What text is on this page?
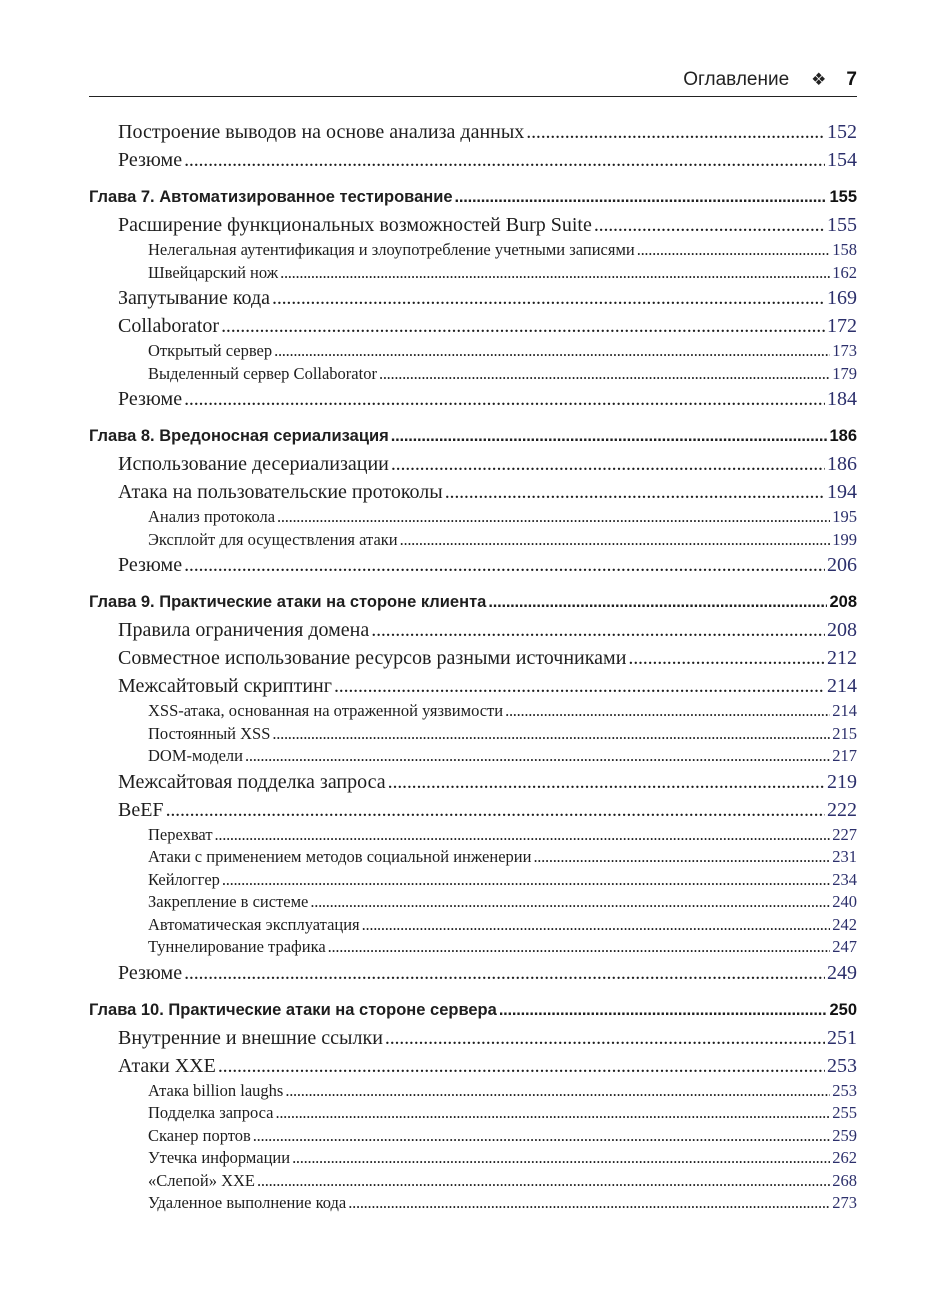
Оглавление ❖ 7
Построение выводов на основе анализа данных . . .	152
Резюме . . .	154
Глава 7. Автоматизированное тестирование . . .	155
Расширение функциональных возможностей Burp Suite . . .	155
Нелегальная аутентификация и злоупотребление учетными записями . . .	158
Швейцарский нож . . .	162
Запутывание кода . . .	169
Collaborator . . .	172
Открытый сервер . . .	173
Выделенный сервер Collaborator . . .	179
Резюме . . .	184
Глава 8. Вредоносная сериализация . . .	186
Использование десериализации . . .	186
Атака на пользовательские протоколы . . .	194
Анализ протокола . . .	195
Эксплойт для осуществления атаки . . .	199
Резюме . . .	206
Глава 9. Практические атаки на стороне клиента . . .	208
Правила ограничения домена . . .	208
Совместное использование ресурсов разными источниками . . .	212
Межсайтовый скриптинг . . .	214
XSS-атака, основанная на отраженной уязвимости . . .	214
Постоянный XSS . . .	215
DOM-модели . . .	217
Межсайтовая подделка запроса . . .	219
BeEF . . .	222
Перехват . . .	227
Атаки с применением методов социальной инженерии . . .	231
Кейлоггер . . .	234
Закрепление в системе . . .	240
Автоматическая эксплуатация . . .	242
Туннелирование трафика . . .	247
Резюме . . .	249
Глава 10. Практические атаки на стороне сервера . . .	250
Внутренние и внешние ссылки . . .	251
Атаки XXE . . .	253
Атака billion laughs . . .	253
Подделка запроса . . .	255
Сканер портов . . .	259
Утечка информации . . .	262
«Слепой» XXE . . .	268
Удаленное выполнение кода . . .	273
